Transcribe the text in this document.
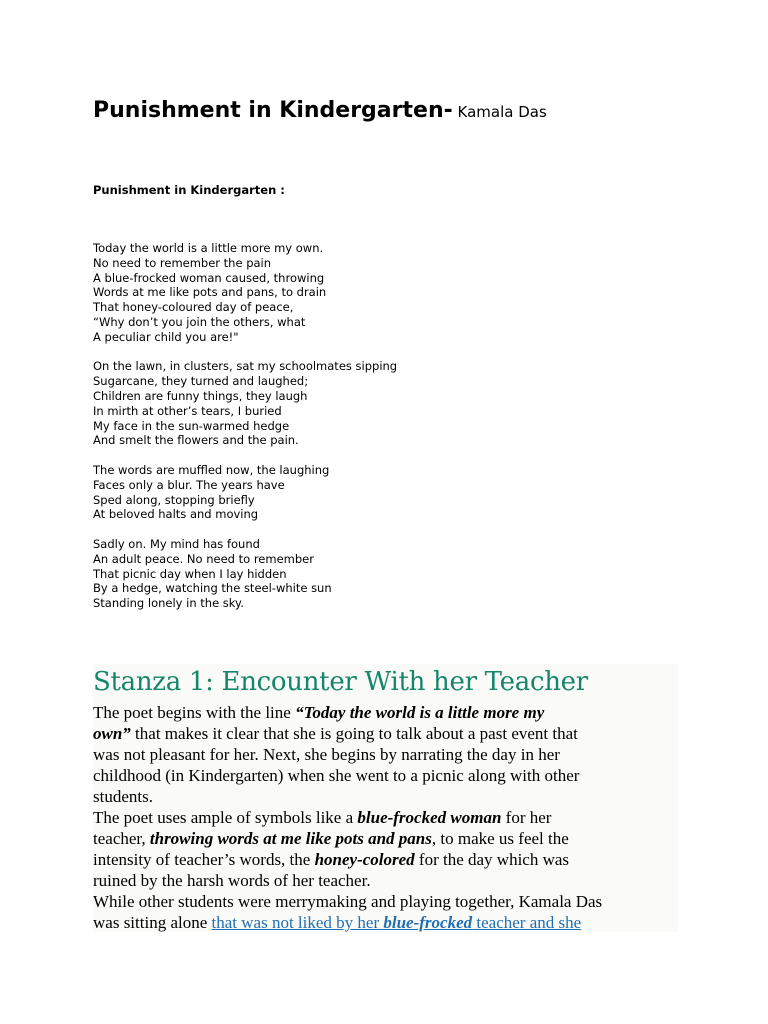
Punishment in Kindergarten- Kamala Das
Punishment in Kindergarten :
Today the world is a little more my own.
No need to remember the pain
A blue-frocked woman caused, throwing
Words at me like pots and pans, to drain
That honey-coloured day of peace,
“Why don’t you join the others, what
A peculiar child you are!"
On the lawn, in clusters, sat my schoolmates sipping
Sugarcane, they turned and laughed;
Children are funny things, they laugh
In mirth at other’s tears, I buried
My face in the sun-warmed hedge
And smelt the flowers and the pain.
The words are muffled now, the laughing
Faces only a blur. The years have
Sped along, stopping briefly
At beloved halts and moving
Sadly on. My mind has found
An adult peace. No need to remember
That picnic day when I lay hidden
By a hedge, watching the steel-white sun
Standing lonely in the sky.
Stanza 1: Encounter With her Teacher
The poet begins with the line “Today the world is a little more my
own” that makes it clear that she is going to talk about a past event that
was not pleasant for her. Next, she begins by narrating the day in her
childhood (in Kindergarten) when she went to a picnic along with other
students.
The poet uses ample of symbols like a blue-frocked woman for her
teacher, throwing words at me like pots and pans, to make us feel the
intensity of teacher’s words, the honey-colored for the day which was
ruined by the harsh words of her teacher.
While other students were merrymaking and playing together, Kamala Das
was sitting alone that was not liked by her blue-frocked teacher and she
